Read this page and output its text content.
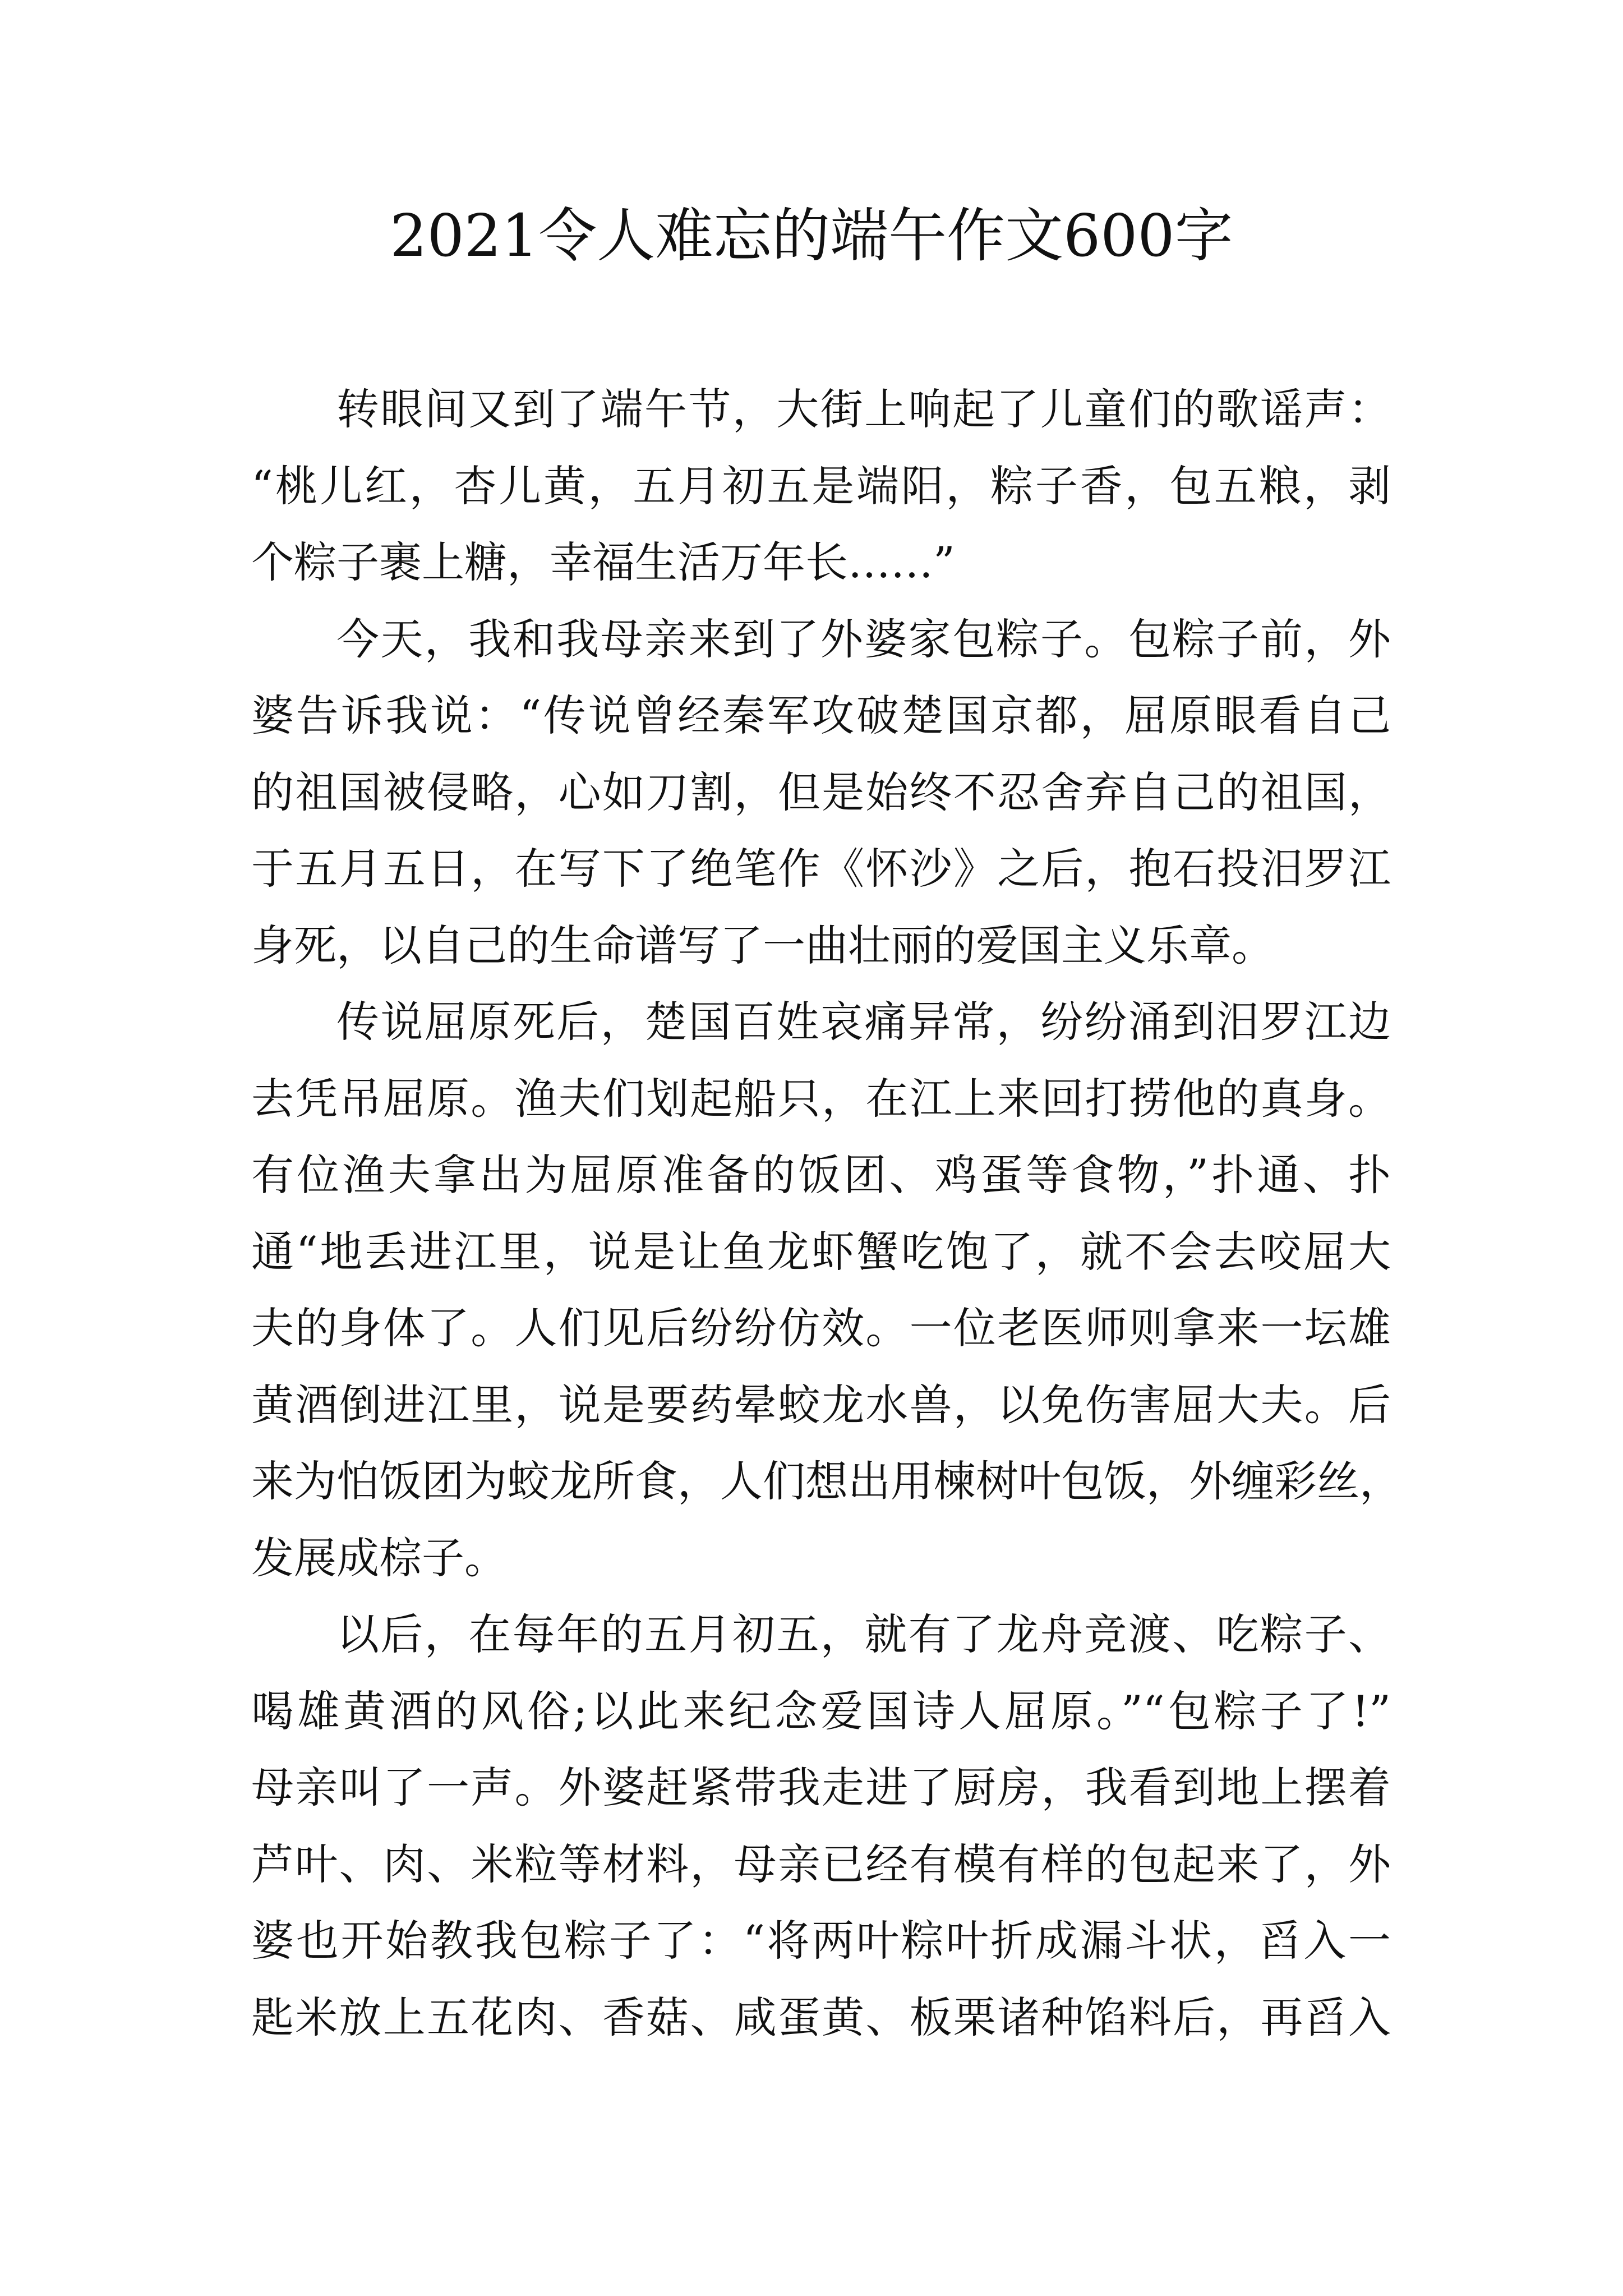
2021令人难忘的端午作文600字

转眼间又到了端午节，大街上响起了儿童们的歌谣声：
“桃儿红，杏儿黄，五月初五是端阳，粽子香，包五粮，剥
个粽子裹上糖，幸福生活万年长……”

今天，我和我母亲来到了外婆家包粽子。包粽子前，外
婆告诉我说：“传说曾经秦军攻破楚国京都，屈原眼看自己
的祖国被侵略，心如刀割，但是始终不忍舍弃自己的祖国，
于五月五日，在写下了绝笔作《怀沙》之后，抱石投汨罗江
身死，以自己的生命谱写了一曲壮丽的爱国主义乐章。

传说屈原死后，楚国百姓哀痛异常，纷纷涌到汨罗江边
去凭吊屈原。渔夫们划起船只，在江上来回打捞他的真身。
有位渔夫拿出为屈原准备的饭团、鸡蛋等食物，”扑通、扑
通“地丢进江里，说是让鱼龙虾蟹吃饱了，就不会去咬屈大
夫的身体了。人们见后纷纷仿效。一位老医师则拿来一坛雄
黄酒倒进江里，说是要药晕蛟龙水兽，以免伤害屈大夫。后
来为怕饭团为蛟龙所食，人们想出用楝树叶包饭，外缠彩丝，
发展成棕子。

以后，在每年的五月初五，就有了龙舟竞渡、吃粽子、
喝雄黄酒的风俗;以此来纪念爱国诗人屈原。”“包粽子了!”
母亲叫了一声。外婆赶紧带我走进了厨房，我看到地上摆着
芦叶、肉、米粒等材料，母亲已经有模有样的包起来了，外
婆也开始教我包粽子了：“将两叶粽叶折成漏斗状，舀入一
匙米放上五花肉、香菇、咸蛋黄、板栗诸种馅料后，再舀入
